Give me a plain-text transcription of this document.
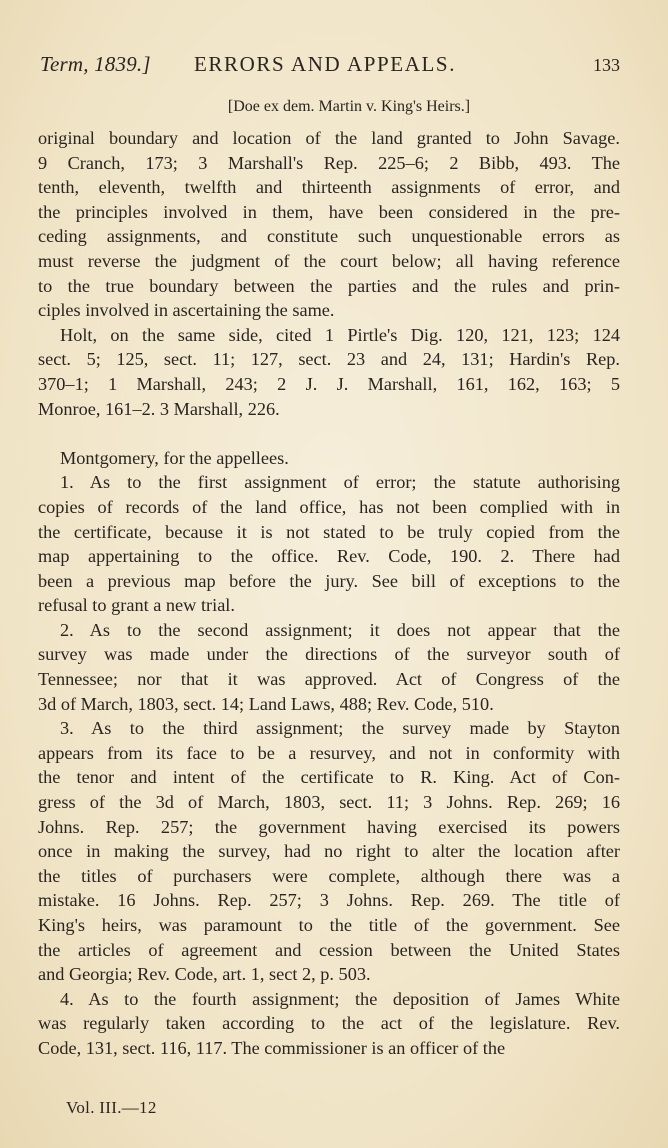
Term, 1839.] ERRORS AND APPEALS.	133
[Doe ex dem. Martin v. King's Heirs.]
original boundary and location of the land granted to John Savage.
9 Cranch, 173; 3 Marshall's Rep. 225–6; 2 Bibb, 493. The
tenth, eleventh, twelfth and thirteenth assignments of error, and
the principles involved in them, have been considered in the pre-
ceding assignments, and constitute such unquestionable errors as
must reverse the judgment of the court below; all having reference
to the true boundary between the parties and the rules and prin-
ciples involved in ascertaining the same.
Holt, on the same side, cited 1 Pirtle's Dig. 120, 121, 123; 124
sect. 5; 125, sect. 11; 127, sect. 23 and 24, 131; Hardin's Rep.
370–1; 1 Marshall, 243; 2 J. J. Marshall, 161, 162, 163; 5
Monroe, 161–2. 3 Marshall, 226.
Montgomery, for the appellees.
1. As to the first assignment of error; the statute authorising
copies of records of the land office, has not been complied with in
the certificate, because it is not stated to be truly copied from the
map appertaining to the office. Rev. Code, 190. 2. There had
been a previous map before the jury. See bill of exceptions to the
refusal to grant a new trial.
2. As to the second assignment; it does not appear that the
survey was made under the directions of the surveyor south of
Tennessee; nor that it was approved. Act of Congress of the
3d of March, 1803, sect. 14; Land Laws, 488; Rev. Code, 510.
3. As to the third assignment; the survey made by Stayton
appears from its face to be a resurvey, and not in conformity with
the tenor and intent of the certificate to R. King. Act of Con-
gress of the 3d of March, 1803, sect. 11; 3 Johns. Rep. 269; 16
Johns. Rep. 257; the government having exercised its powers
once in making the survey, had no right to alter the location after
the titles of purchasers were complete, although there was a
mistake. 16 Johns. Rep. 257; 3 Johns. Rep. 269. The title of
King's heirs, was paramount to the title of the government. See
the articles of agreement and cession between the United States
and Georgia; Rev. Code, art. 1, sect 2, p. 503.
4. As to the fourth assignment; the deposition of James White
was regularly taken according to the act of the legislature. Rev.
Code, 131, sect. 116, 117. The commissioner is an officer of the
Vol. III.—12
